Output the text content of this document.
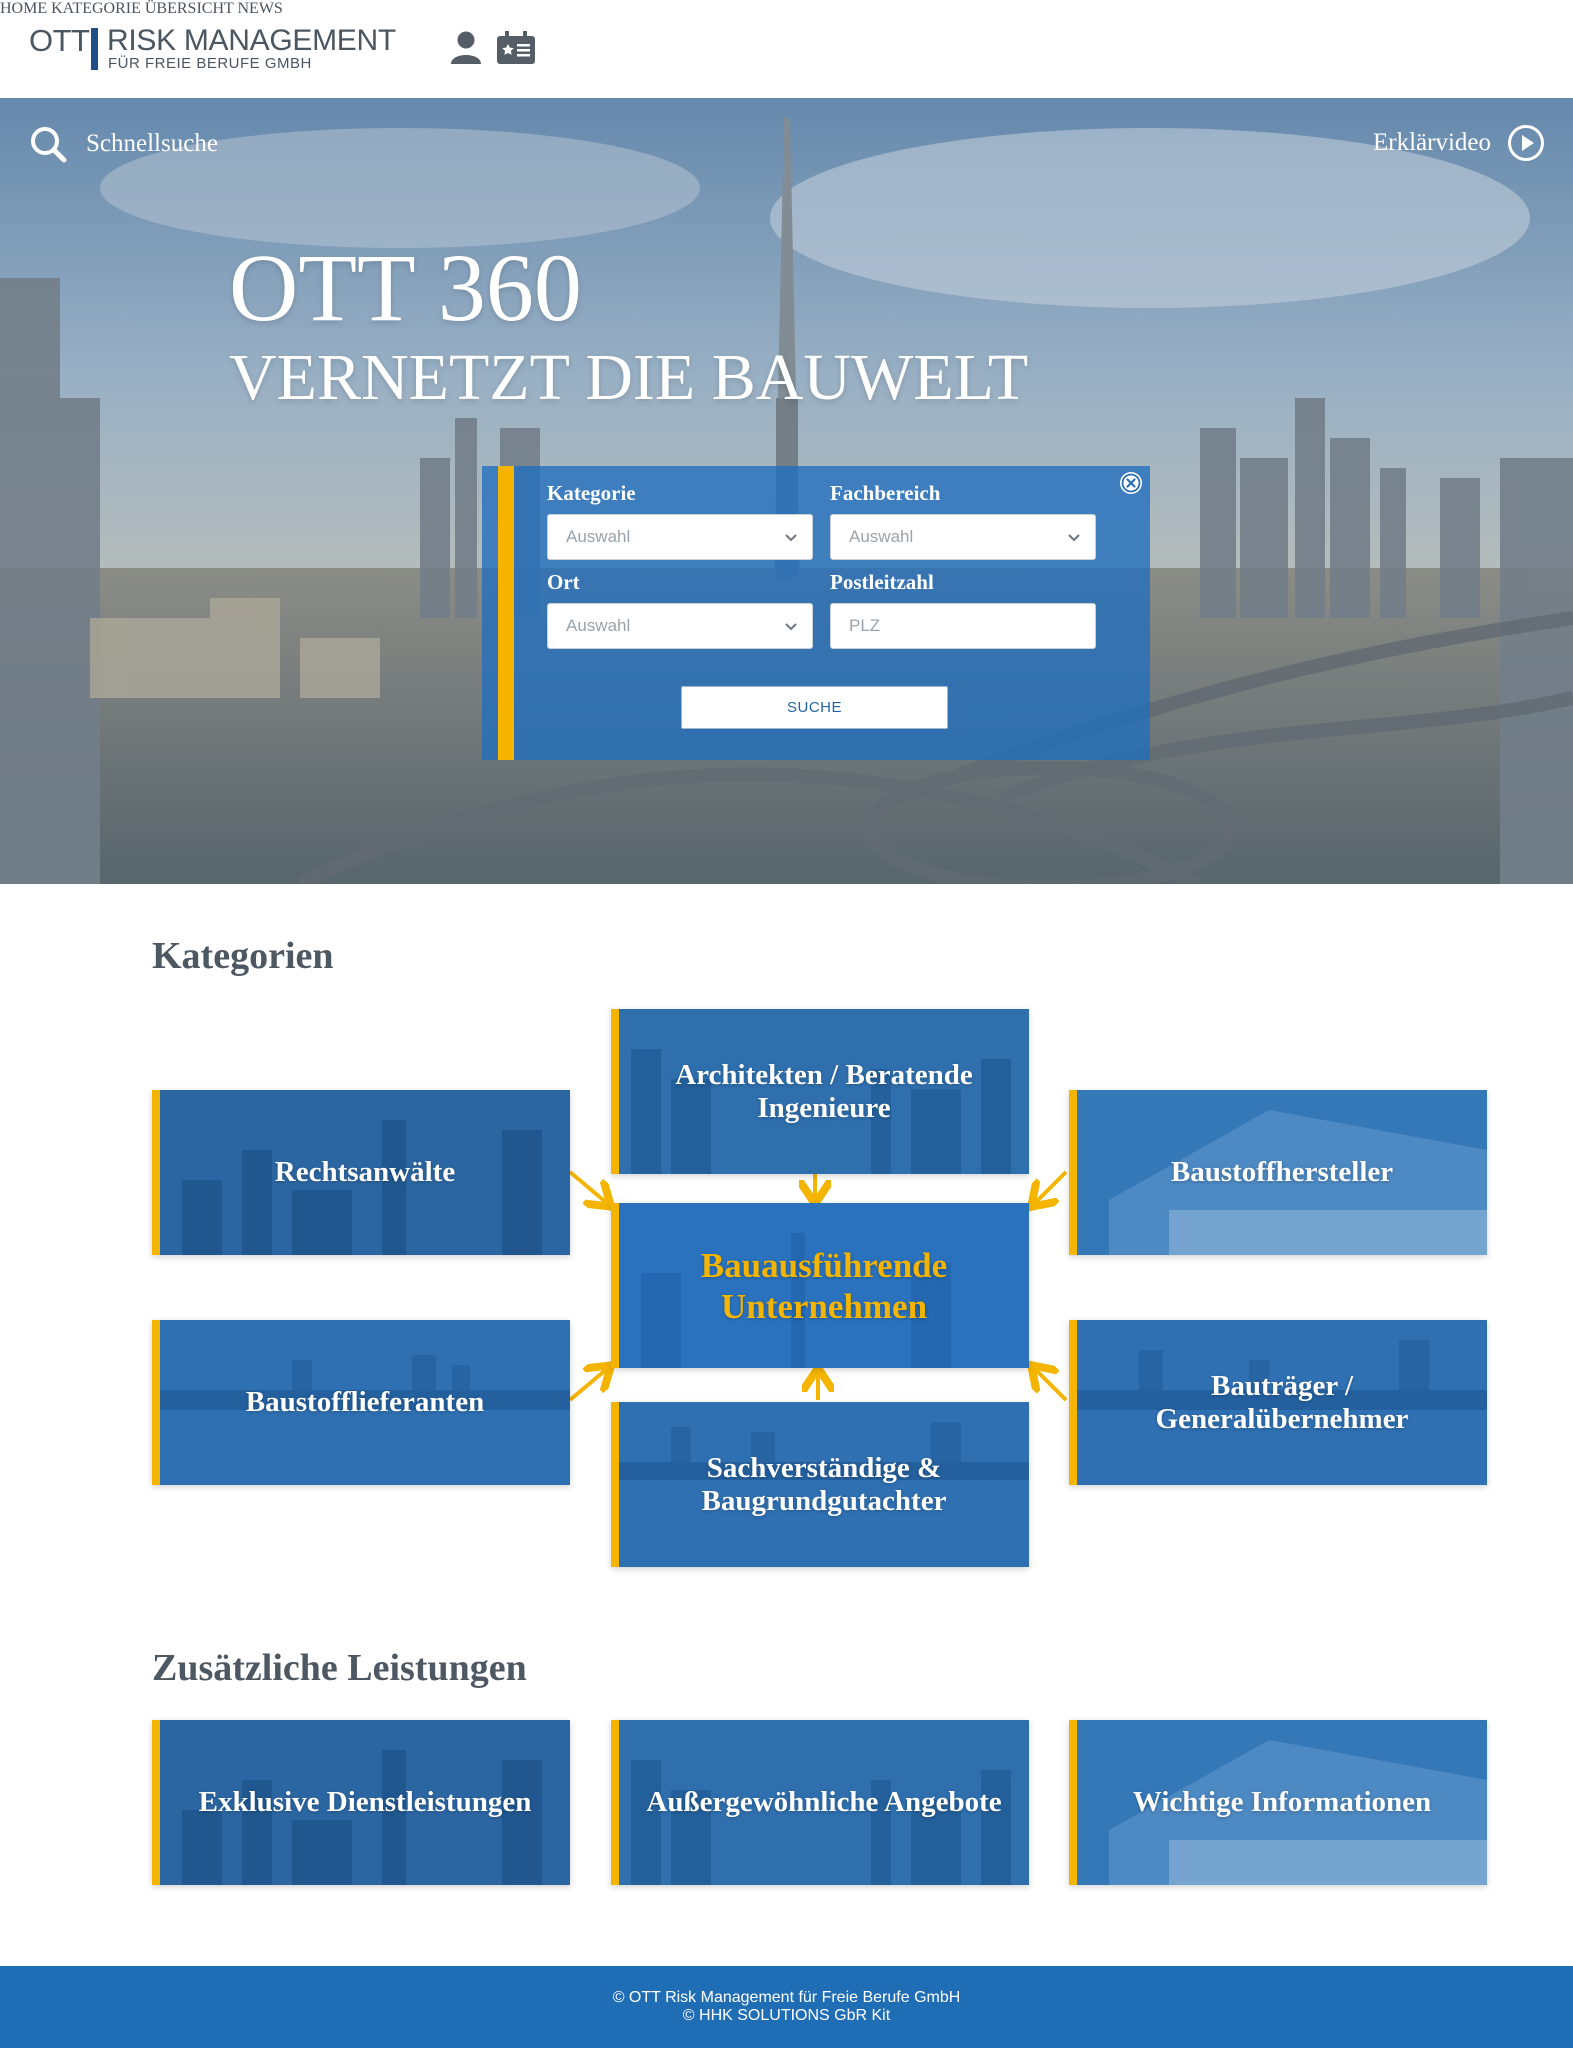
OTT RISK MANAGEMENT
FÜR FREIE BERUFE GMBH
HOME KATEGORIE ÜBERSICHT NEWS
Schnellsuche	Erklärvideo
OTT 360
VERNETZT DIE BAUWELT
Kategorie
Auswahl
Fachbereich
Auswahl
Ort
Auswahl
Postleitzahl
PLZ
SUCHE
Kategorien
Architekten / Beratende Ingenieure
Rechtsanwälte	Baustoffhersteller
Bauausführende Unternehmen
Baustofflieferanten
Bauträger / Generalübernehmer
Sachverständige & Baugrundgutachter
Zusätzliche Leistungen
Exklusive Dienstleistungen	Außergewöhnliche Angebote	Wichtige Informationen
© OTT Risk Management für Freie Berufe GmbH
© HHK SOLUTIONS GbR Kit
